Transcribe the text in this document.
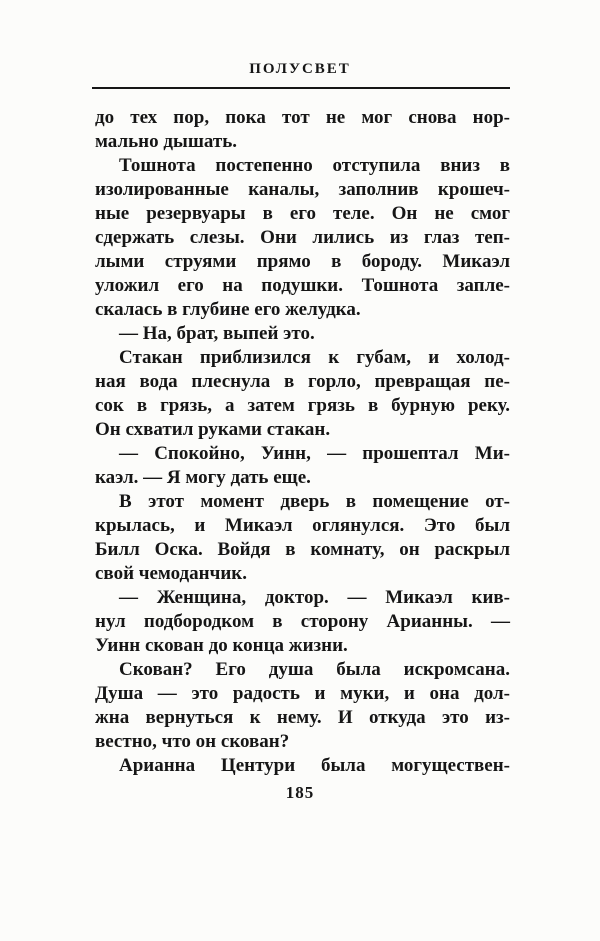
ПОЛУСВЕТ
до тех пор, пока тот не мог снова нор-
мально дышать.
Тошнота постепенно отступила вниз в
изолированные каналы, заполнив крошеч-
ные резервуары в его теле. Он не смог
сдержать слезы. Они лились из глаз теп-
лыми струями прямо в бороду. Микаэл
уложил его на подушки. Тошнота запле-
скалась в глубине его желудка.
— На, брат, выпей это.
Стакан приблизился к губам, и холод-
ная вода плеснула в горло, превращая пе-
сок в грязь, а затем грязь в бурную реку.
Он схватил руками стакан.
— Спокойно, Уинн, — прошептал Ми-
каэл. — Я могу дать еще.
В этот момент дверь в помещение от-
крылась, и Микаэл оглянулся. Это был
Билл Оска. Войдя в комнату, он раскрыл
свой чемоданчик.
— Женщина, доктор. — Микаэл кив-
нул подбородком в сторону Арианны. —
Уинн скован до конца жизни.
Скован? Его душа была искромсана.
Душа — это радость и муки, и она дол-
жна вернуться к нему. И откуда это из-
вестно, что он скован?
Арианна Центури была могуществен-
185
